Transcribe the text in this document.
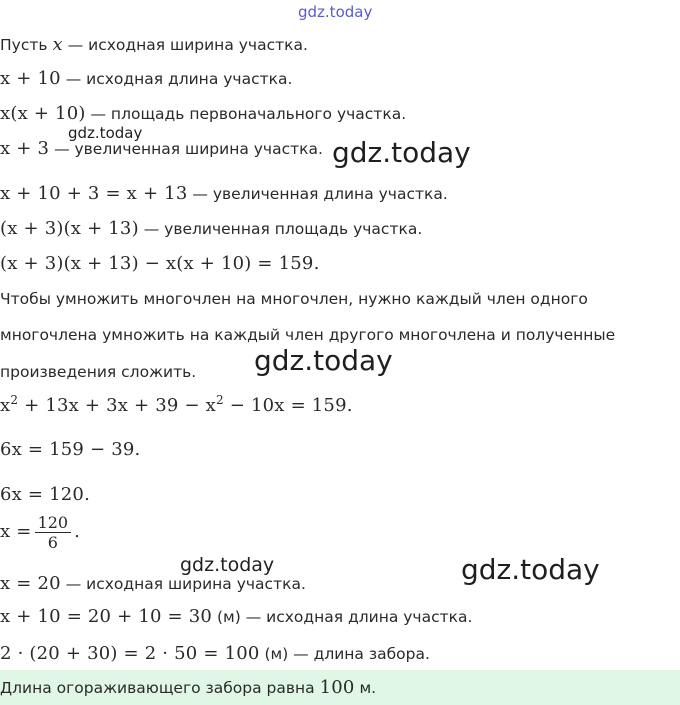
gdz.today
Пусть x — исходная ширина участка.
x + 10 — исходная длина участка.
x(x + 10) — площадь первоначального участка.
x + 3 — увеличенная ширина участка.
x + 10 + 3 = x + 13 — увеличенная длина участка.
(x + 3)(x + 13) — увеличенная площадь участка.
(x + 3)(x + 13) − x(x + 10) = 159.
Чтобы умножить многочлен на многочлен, нужно каждый член одного
многочлена умножить на каждый член другого многочлена и полученные
произведения сложить.
$x^2 + 13x + 3x + 39 - x^2 - 10x = 159$.
6x = 159 − 39.
6x = 120.
$x = \frac{120}{6}$ .
x = 20 — исходная ширина участка.
x + 10 = 20 + 10 = 30 (м) — исходная длина участка.
2 · (20 + 30) = 2 · 50 = 100 (м) — длина забора.
Длина огораживающего забора равна 100 м.
gdz.today
gdz.today
gdz.today
gdz.today	gdz.today
